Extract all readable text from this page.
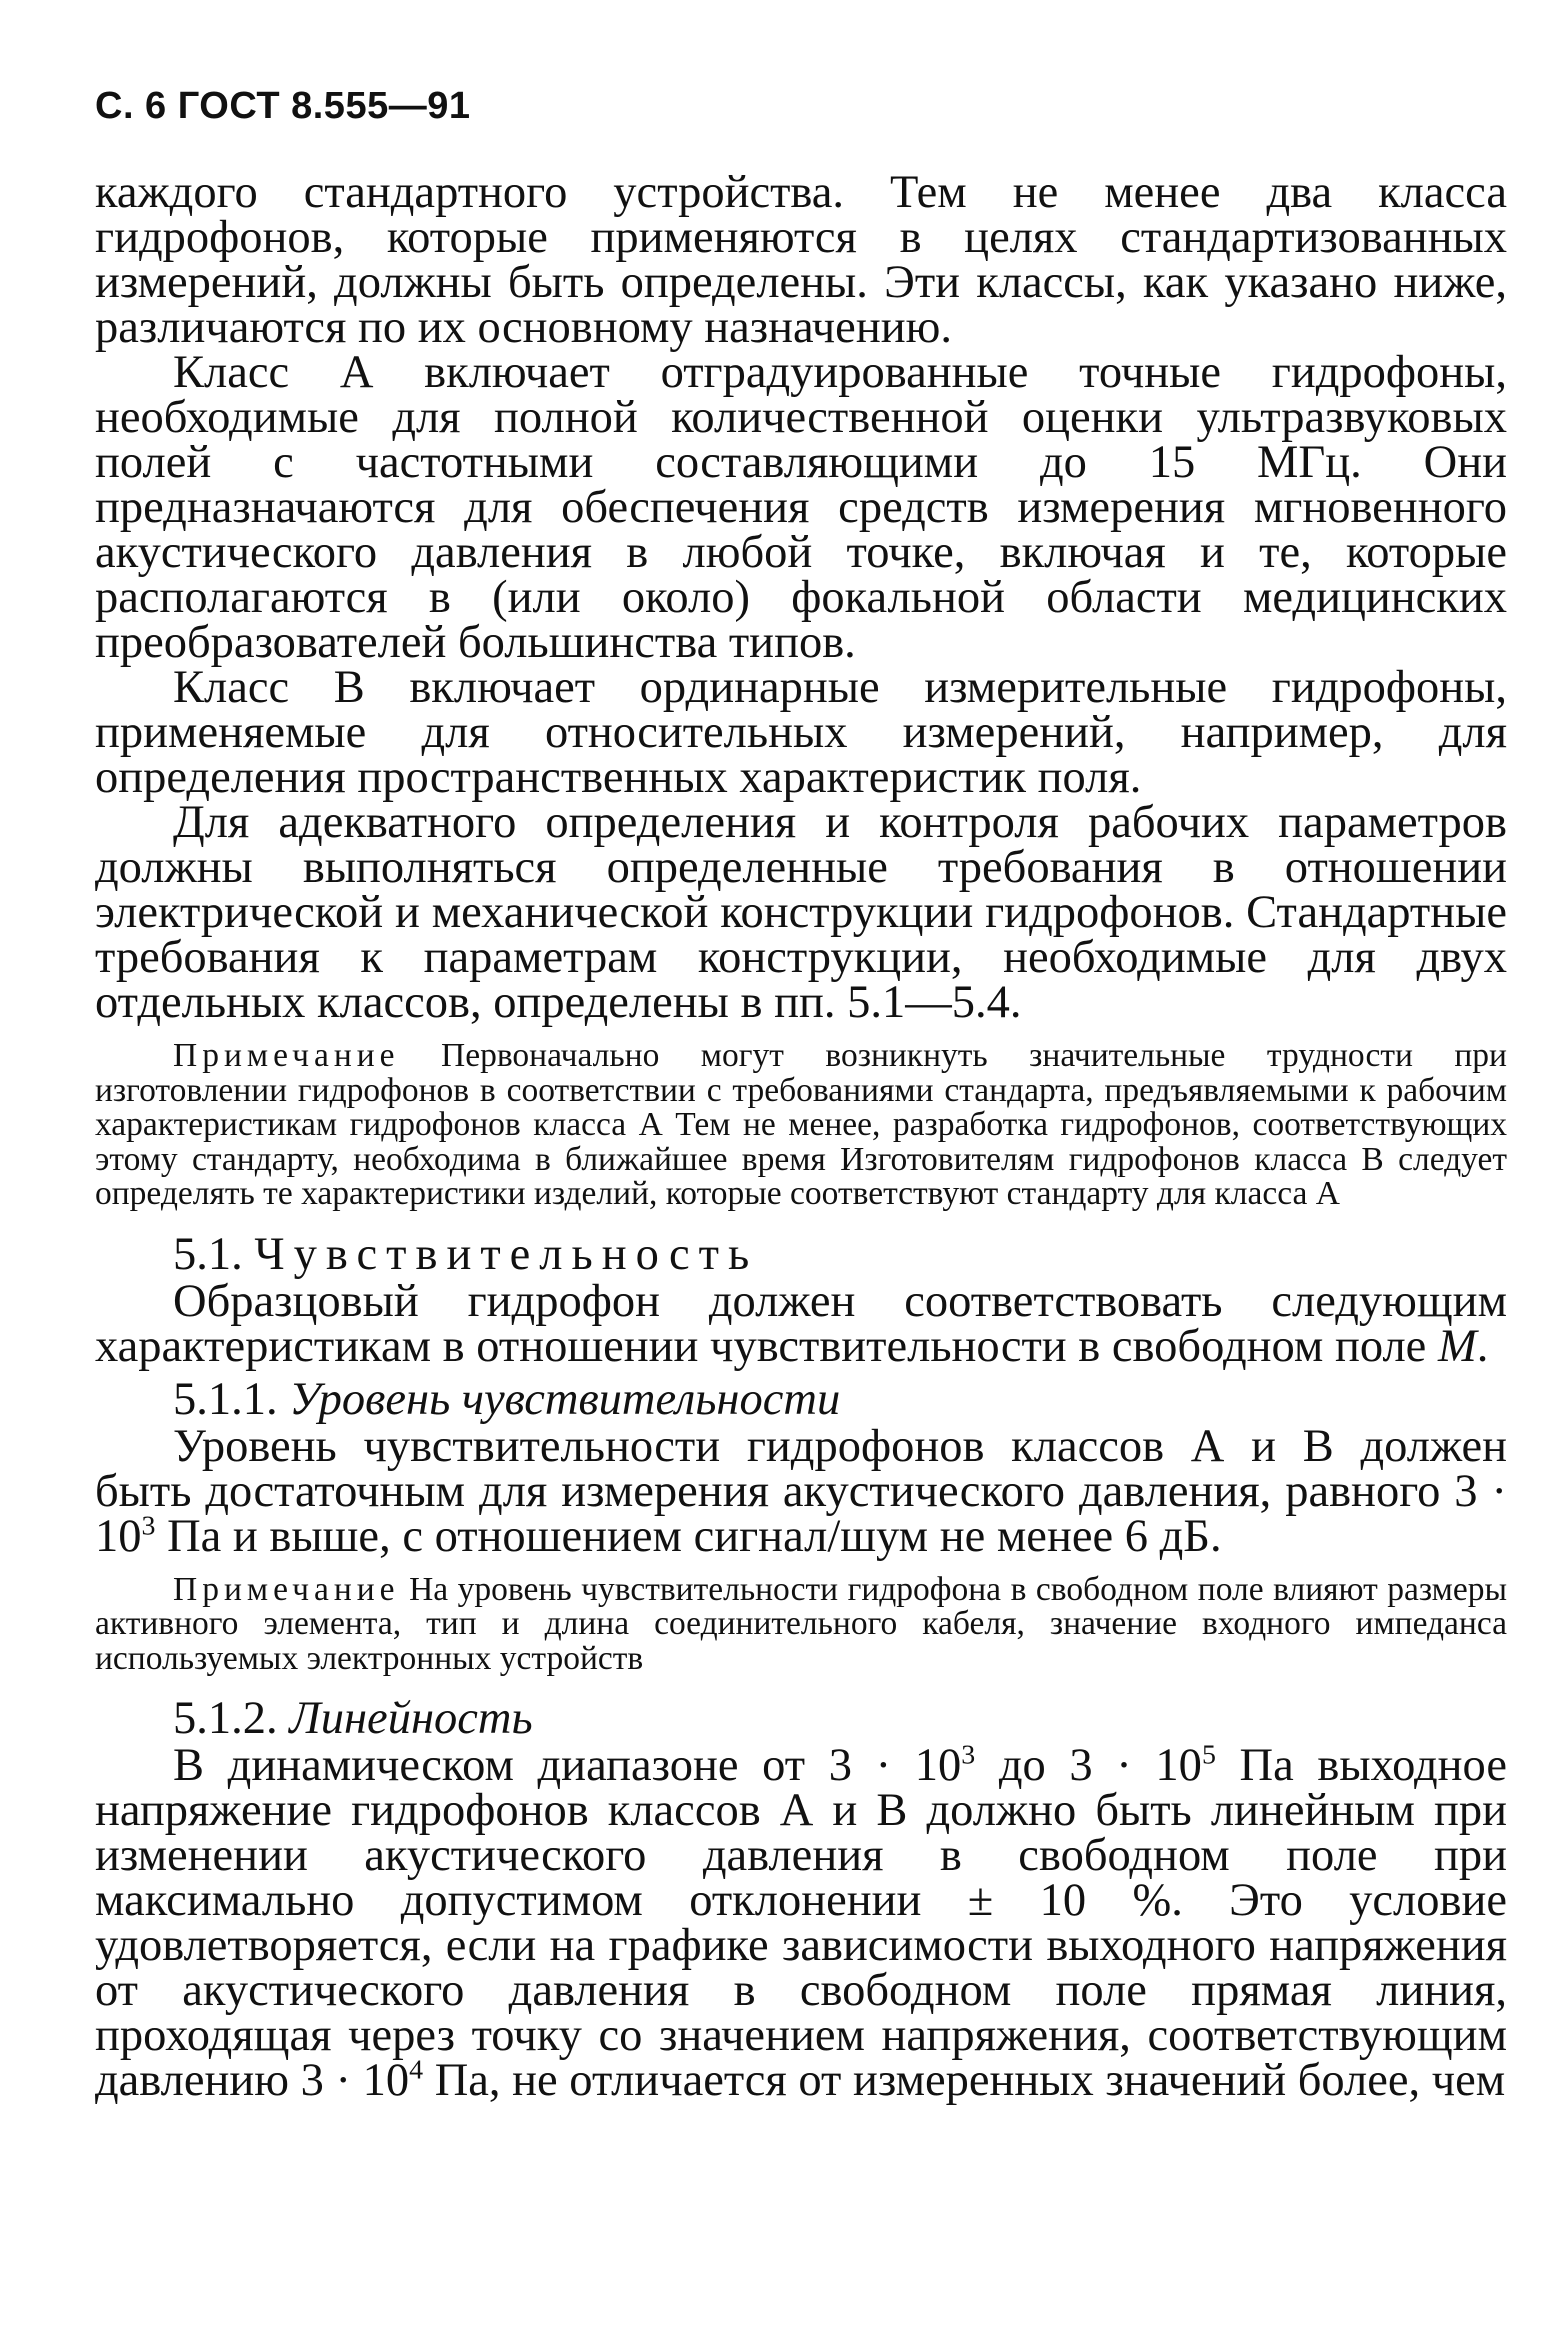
С. 6 ГОСТ 8.555—91

каждого стандартного устройства. Тем не менее два класса гидрофонов, которые применяются в целях стандартизованных измерений, должны быть определены. Эти классы, как указано ниже, различаются по их основному назначению.

Класс А включает отградуированные точные гидрофоны, необходимые для полной количественной оценки ультразвуковых полей с частотными составляющими до 15 МГц. Они предназначаются для обеспечения средств измерения мгновенного акустического давления в любой точке, включая и те, которые располагаются в (или около) фокальной области медицинских преобразователей большинства типов.

Класс В включает ординарные измерительные гидрофоны, применяемые для относительных измерений, например, для определения пространственных характеристик поля.

Для адекватного определения и контроля рабочих параметров должны выполняться определенные требования в отношении электрической и механической конструкции гидрофонов. Стандартные требования к параметрам конструкции, необходимые для двух отдельных классов, определены в пп. 5.1—5.4.

Примечание Первоначально могут возникнуть значительные трудности при изготовлении гидрофонов в соответствии с требованиями стандарта, предъявляемыми к рабочим характеристикам гидрофонов класса А Тем не менее, разработка гидрофонов, соответствующих этому стандарту, необходима в ближайшее время Изготовителям гидрофонов класса В следует определять те характеристики изделий, которые соответствуют стандарту для класса А

5.1. Чувствительность

Образцовый гидрофон должен соответствовать следующим характеристикам в отношении чувствительности в свободном поле М.

5.1.1. Уровень чувствительности

Уровень чувствительности гидрофонов классов А и В должен быть достаточным для измерения акустического давления, равного $3 \cdot 10^3$ Па и выше, с отношением сигнал/шум не менее 6 дБ.

Примечание На уровень чувствительности гидрофона в свободном поле влияют размеры активного элемента, тип и длина соединительного кабеля, значение входного импеданса используемых электронных устройств

5.1.2. Линейность

В динамическом диапазоне от $3 \cdot 10^3$ до $3 \cdot 10^5$ Па выходное напряжение гидрофонов классов А и В должно быть линейным при изменении акустического давления в свободном поле при максимально допустимом отклонении ± 10 %. Это условие удовлетворяется, если на графике зависимости выходного напряжения от акустического давления в свободном поле прямая линия, проходящая через точку со значением напряжения, соответствующим давлению $3 \cdot 10^4$ Па, не отличается от измеренных значений более, чем
